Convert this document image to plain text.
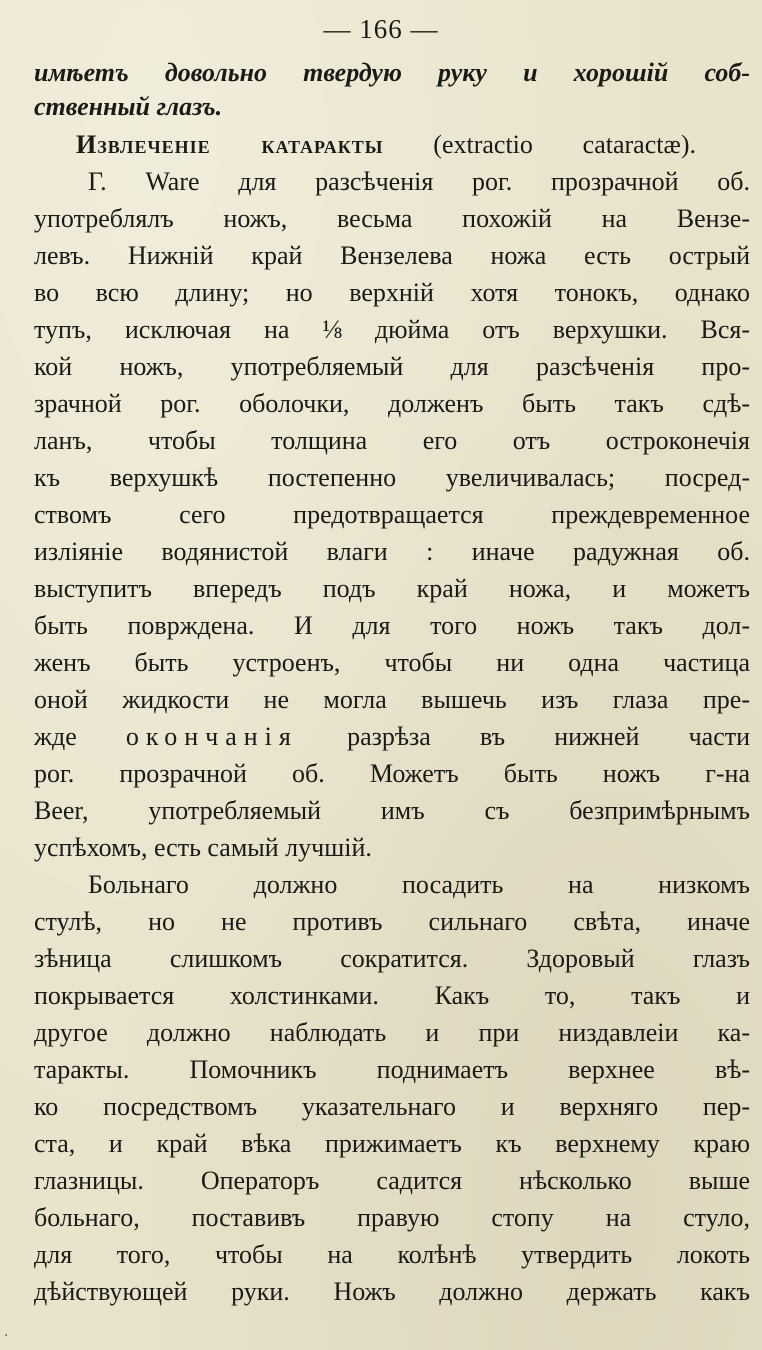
— 166 —
имѣетъ довольно твердую руку и хорошій соб-
ственный глазъ.
Извлеченіе катаракты (extractio cataractæ).
Г. Ware для разсѣченія рог. прозрачной об.
употреблялъ ножъ, весьма похожій на Вензе-
левъ. Нижній край Вензелева ножа есть острый
во всю длину; но верхній хотя тонокъ, однако
тупъ, исключая на ⅛ дюйма отъ верхушки. Вся-
кой ножъ, употребляемый для разсѣченія про-
зрачной рог. оболочки, долженъ быть такъ сдѣ-
ланъ, чтобы толщина его отъ остроконечія
къ верхушкѣ постепенно увеличивалась; посред-
ствомъ сего предотвращается преждевременное
изліяніе водянистой влаги : иначе радужная об.
выступитъ впередъ подъ край ножа, и можетъ
быть поврждена. И для того ножъ такъ дол-
женъ быть устроенъ, чтобы ни одна частица
оной жидкости не могла вышечь изъ глаза пре-
жде окончанія разрѣза въ нижней части
рог. прозрачной об. Можетъ быть ножъ г-на
Beer, употребляемый имъ съ безпримѣрнымъ
успѣхомъ, есть самый лучшій.
Больнаго должно посадить на низкомъ
стулѣ, но не противъ сильнаго свѣта, иначе
зѣница слишкомъ сократится. Здоровый глазъ
покрывается холстинками. Какъ то, такъ и
другое должно наблюдать и при низдавлеіи ка-
таракты. Помочникъ поднимаетъ верхнее вѣ-
ко посредствомъ указательнаго и верхняго пер-
ста, и край вѣка прижимаетъ къ верхнему краю
глазницы. Операторъ садится нѣсколько выше
больнаго, поставивъ правую стопу на стуло,
для того, чтобы на колѣнѣ утвердить локоть
дѣйствующей руки. Ножъ должно держать какъ
·
